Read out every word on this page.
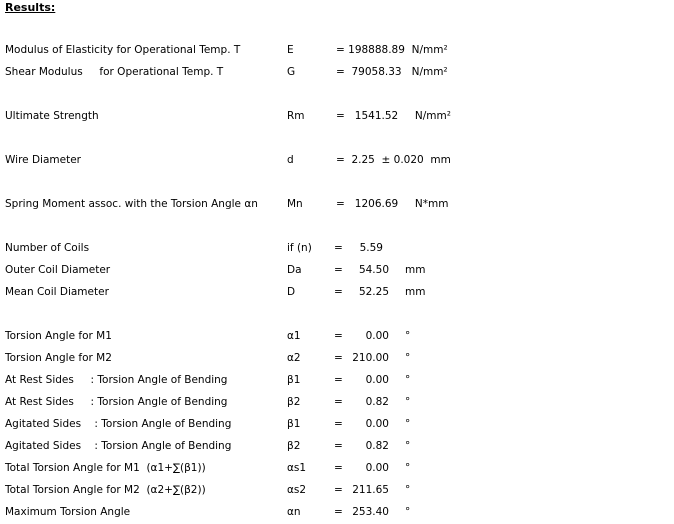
Results:
Modulus of Elasticity for Operational Temp. T	E	= 198888.89  N/mm²
Shear Modulus     for Operational Temp. T	G	=  79058.33   N/mm²
Ultimate Strength	Rm	=   1541.52     N/mm²
Wire Diameter	d	=  2.25  ± 0.020  mm
Spring Moment assoc. with the Torsion Angle αn	Mn	=   1206.69     N*mm
Number of Coils	if (n) =	5.59
Outer Coil Diameter	Da	=	54.50 mm
Mean Coil Diameter	D	=	52.25 mm
Torsion Angle for M1	α1	=	0.00 °
Torsion Angle for M2	α2	= 210.00 °
At Rest Sides     : Torsion Angle of Bending	β1	=	0.00 °
At Rest Sides     : Torsion Angle of Bending	β2	=	0.82 °
Agitated Sides    : Torsion Angle of Bending	β1	=	0.00 °
Agitated Sides    : Torsion Angle of Bending	β2	=	0.82 °
Total Torsion Angle for M1  (α1+∑(β1))	αs1	=	0.00 °
Total Torsion Angle for M2  (α2+∑(β2))	αs2	= 211.65 °
Maximum Torsion Angle	αn	= 253.40 °
